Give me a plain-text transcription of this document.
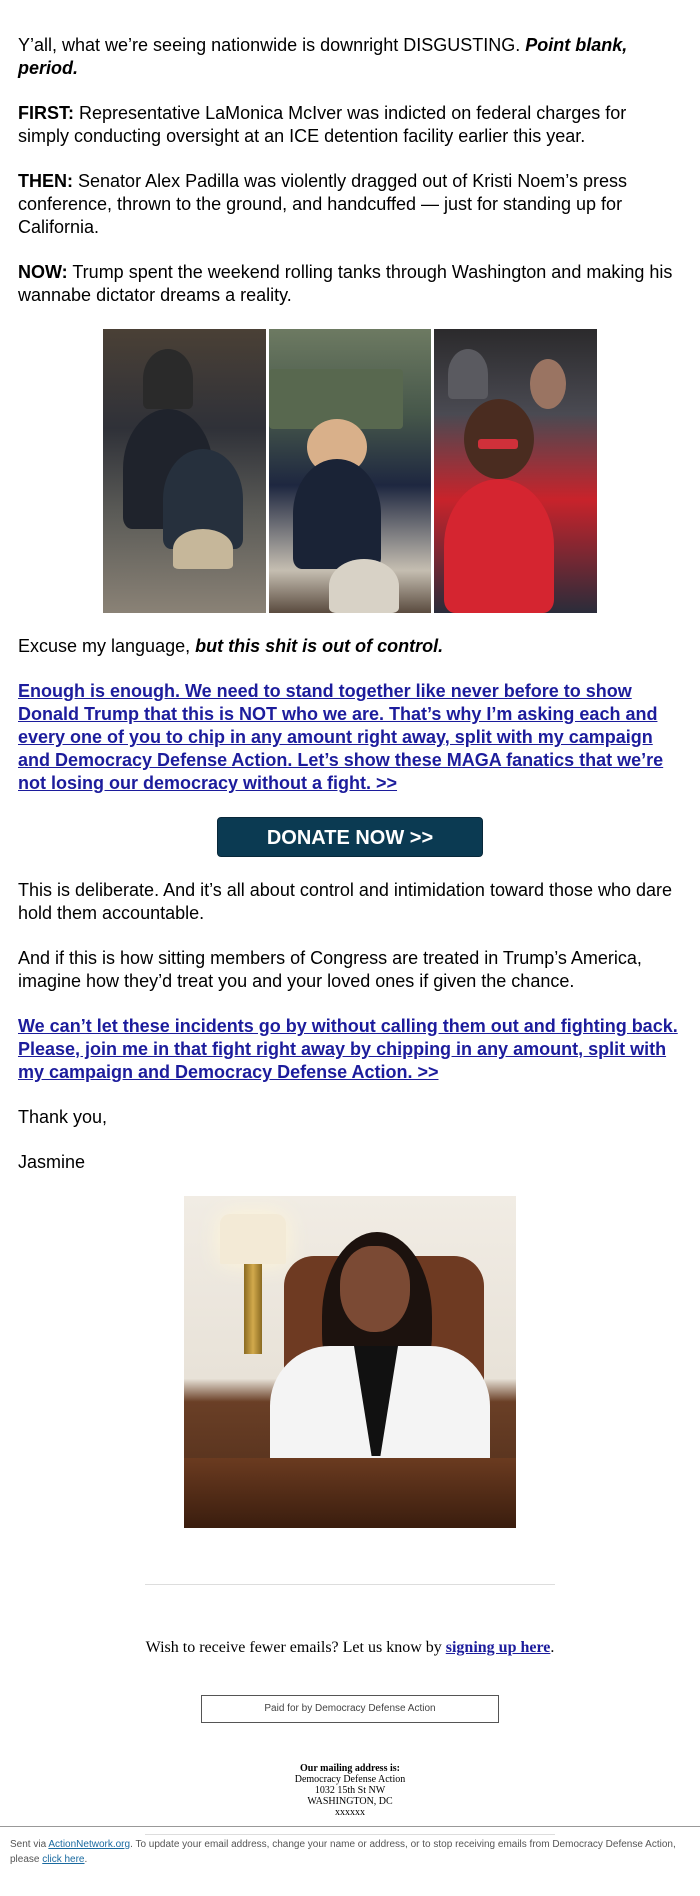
Y’all, what we’re seeing nationwide is downright DISGUSTING. Point blank, period.

FIRST: Representative LaMonica McIver was indicted on federal charges for simply conducting oversight at an ICE detention facility earlier this year.

THEN: Senator Alex Padilla was violently dragged out of Kristi Noem’s press conference, thrown to the ground, and handcuffed — just for standing up for California.

NOW: Trump spent the weekend rolling tanks through Washington and making his wannabe dictator dreams a reality.

Excuse my language, but this shit is out of control.

Enough is enough. We need to stand together like never before to show Donald Trump that this is NOT who we are. That’s why I’m asking each and every one of you to chip in any amount right away, split with my campaign and Democracy Defense Action. Let’s show these MAGA fanatics that we’re not losing our democracy without a fight. >>

DONATE NOW >>

This is deliberate. And it’s all about control and intimidation toward those who dare hold them accountable.

And if this is how sitting members of Congress are treated in Trump’s America, imagine how they’d treat you and your loved ones if given the chance.

We can’t let these incidents go by without calling them out and fighting back. Please, join me in that fight right away by chipping in any amount, split with my campaign and Democracy Defense Action. >>

Thank you,

Jasmine

Wish to receive fewer emails? Let us know by signing up here.

Paid for by Democracy Defense Action
Our mailing address is:
Democracy Defense Action
1032 15th St NW
WASHINGTON, DC
xxxxxx
Sent via ActionNetwork.org. To update your email address, change your name or address, or to stop receiving emails from Democracy Defense Action, please click here.
